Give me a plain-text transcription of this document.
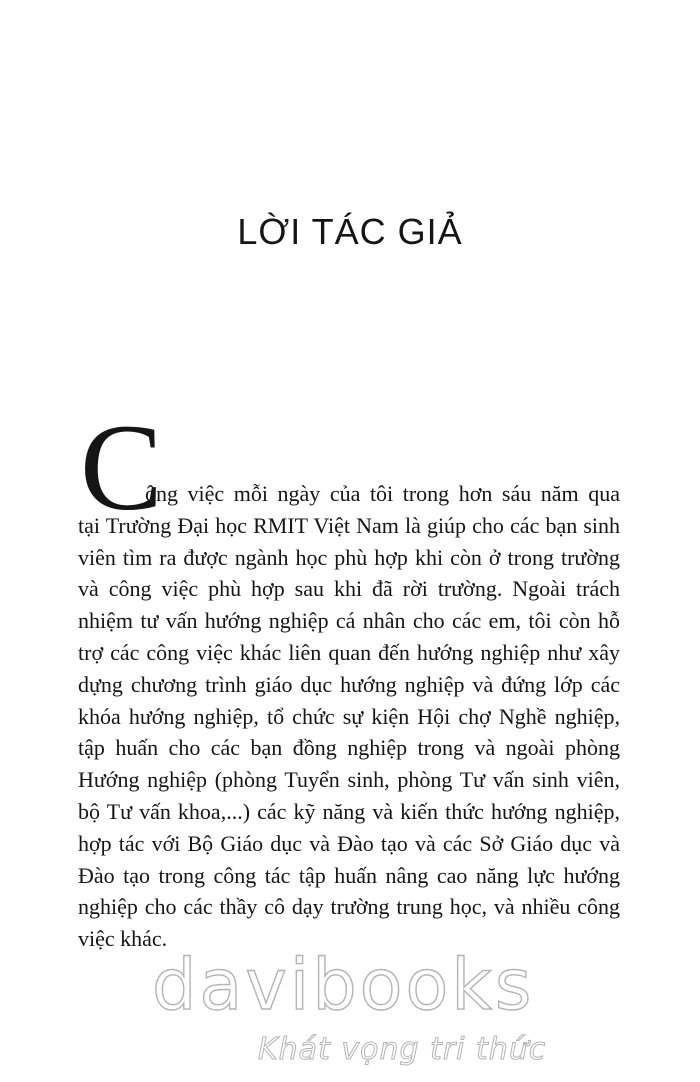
LỜI TÁC GIẢ
C
ông việc mỗi ngày của tôi trong hơn sáu năm qua
tại Trường Đại học RMIT Việt Nam là giúp cho các bạn sinh
viên tìm ra được ngành học phù hợp khi còn ở trong trường
và công việc phù hợp sau khi đã rời trường. Ngoài trách
nhiệm tư vấn hướng nghiệp cá nhân cho các em, tôi còn hỗ
trợ các công việc khác liên quan đến hướng nghiệp như xây
dựng chương trình giáo dục hướng nghiệp và đứng lớp các
khóa hướng nghiệp, tổ chức sự kiện Hội chợ Nghề nghiệp,
tập huấn cho các bạn đồng nghiệp trong và ngoài phòng
Hướng nghiệp (phòng Tuyển sinh, phòng Tư vấn sinh viên,
bộ Tư vấn khoa,...) các kỹ năng và kiến thức hướng nghiệp,
hợp tác với Bộ Giáo dục và Đào tạo và các Sở Giáo dục và
Đào tạo trong công tác tập huấn nâng cao năng lực hướng
nghiệp cho các thầy cô dạy trường trung học, và nhiều công
việc khác.
davibooks
Khát vọng tri thức
